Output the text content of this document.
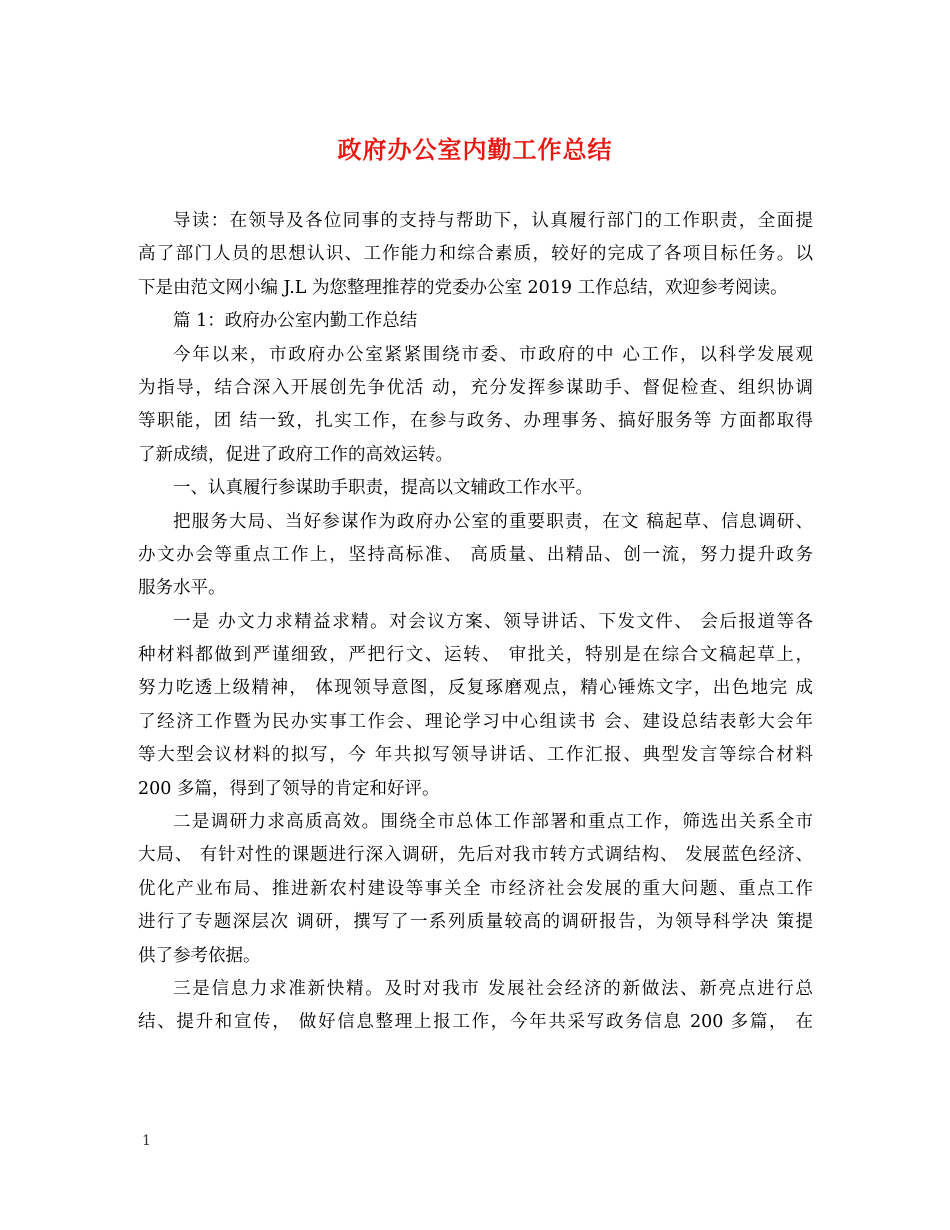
政府办公室内勤工作总结
导读：在领导及各位同事的支持与帮助下，认真履行部门的工作职责，全面提
高了部门人员的思想认识、工作能力和综合素质，较好的完成了各项目标任务。以
下是由范文网小编 J.L 为您整理推荐的党委办公室 2019 工作总结，欢迎参考阅读。
篇 1：政府办公室内勤工作总结
今年以来，市政府办公室紧紧围绕市委、市政府的中 心工作，以科学发展观
为指导，结合深入开展创先争优活 动，充分发挥参谋助手、督促检查、组织协调
等职能，团 结一致，扎实工作，在参与政务、办理事务、搞好服务等 方面都取得
了新成绩，促进了政府工作的高效运转。
一、认真履行参谋助手职责，提高以文辅政工作水平。
把服务大局、当好参谋作为政府办公室的重要职责，在文 稿起草、信息调研、
办文办会等重点工作上，坚持高标准、 高质量、出精品、创一流，努力提升政务
服务水平。
一是 办文力求精益求精。对会议方案、领导讲话、下发文件、 会后报道等各
种材料都做到严谨细致，严把行文、运转、 审批关，特别是在综合文稿起草上，
努力吃透上级精神， 体现领导意图，反复琢磨观点，精心锤炼文字，出色地完 成
了经济工作暨为民办实事工作会、理论学习中心组读书 会、建设总结表彰大会年
等大型会议材料的拟写，今 年共拟写领导讲话、工作汇报、典型发言等综合材料
200 多篇，得到了领导的肯定和好评。
二是调研力求高质高效。围绕全市总体工作部署和重点工作，筛选出关系全市
大局、 有针对性的课题进行深入调研，先后对我市转方式调结构、 发展蓝色经济、
优化产业布局、推进新农村建设等事关全 市经济社会发展的重大问题、重点工作
进行了专题深层次 调研，撰写了一系列质量较高的调研报告，为领导科学决 策提
供了参考依据。
三是信息力求准新快精。及时对我市 发展社会经济的新做法、新亮点进行总
结、提升和宣传， 做好信息整理上报工作，今年共采写政务信息 200 多篇， 在
1
